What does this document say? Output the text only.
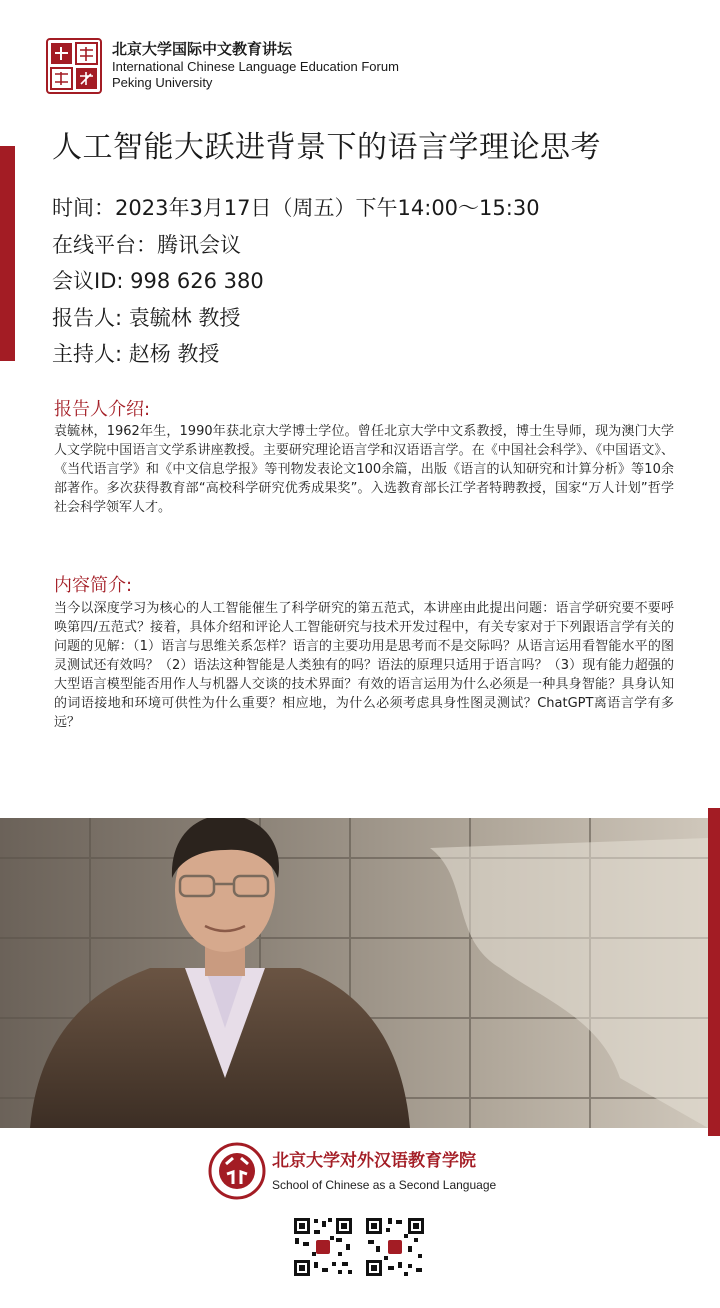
北京大学国际中文教育讲坛
International Chinese Language Education Forum
Peking University
人工智能大跃进背景下的语言学理论思考
时间：2023年3月17日（周五）下午14:00～15:30
在线平台：腾讯会议
会议ID: 998 626 380
报告人: 袁毓林 教授
主持人: 赵杨 教授
报告人介绍:
袁毓林，1962年生，1990年获北京大学博士学位。曾任北京大学中文系教授，博士生导师，现为澳门大学人文学院中国语言文学系讲座教授。主要研究理论语言学和汉语语言学。在《中国社会科学》、《中国语文》、《当代语言学》和《中文信息学报》等刊物发表论文100余篇，出版《语言的认知研究和计算分析》等10余部著作。多次获得教育部“高校科学研究优秀成果奖”。入选教育部长江学者特聘教授，国家“万人计划”哲学社会科学领军人才。
内容简介:
当今以深度学习为核心的人工智能催生了科学研究的第五范式，本讲座由此提出问题：语言学研究要不要呼唤第四/五范式？接着，具体介绍和评论人工智能研究与技术开发过程中，有关专家对于下列跟语言学有关的问题的见解：（1）语言与思维关系怎样？语言的主要功用是思考而不是交际吗？从语言运用看智能水平的图灵测试还有效吗？（2）语法这种智能是人类独有的吗？语法的原理只适用于语言吗？（3）现有能力超强的大型语言模型能否用作人与机器人交谈的技术界面？有效的语言运用为什么必须是一种具身智能？具身认知的词语接地和环境可供性为什么重要？相应地，为什么必须考虑具身性图灵测试？ChatGPT离语言学有多远？
北京大学对外汉语教育学院
School of Chinese as a Second Language
